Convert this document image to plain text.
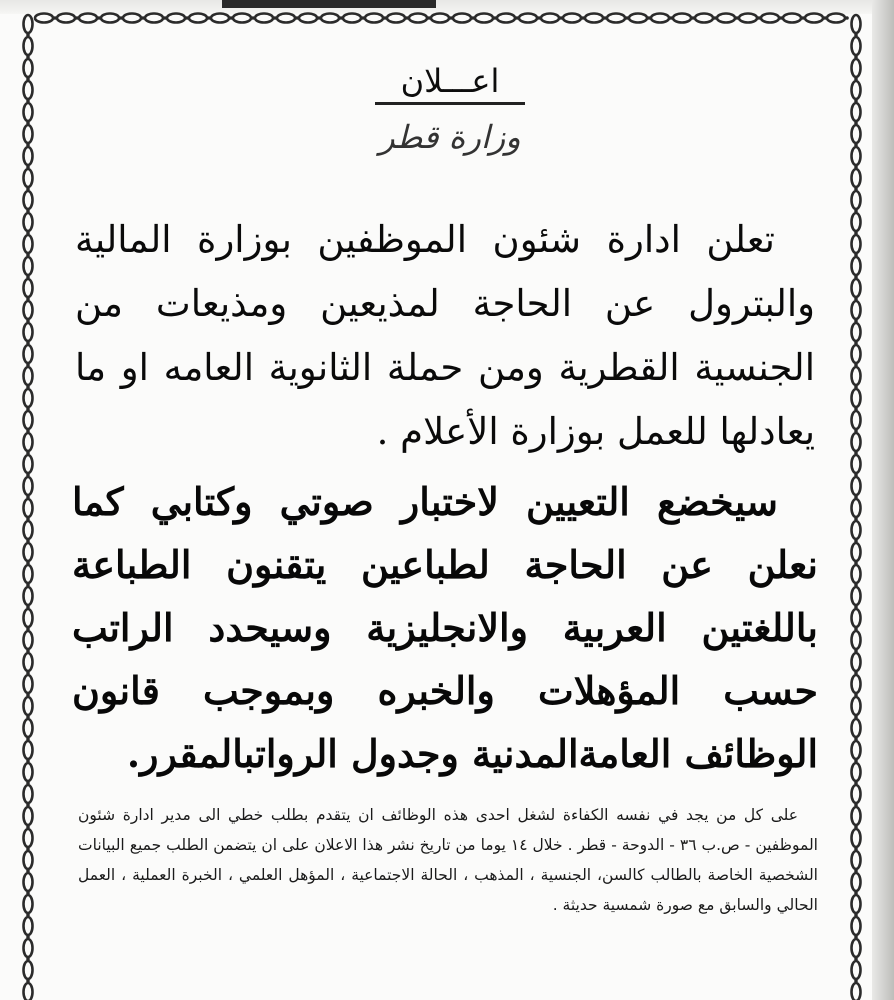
اعـــلان
وزارة قطر
تعلن ادارة شئون الموظفين بوزارة المالية والبترول عن الحاجة لمذيعين ومذيعات من الجنسية القطرية ومن حملة الثانوية العامه او ما يعادلها للعمل بوزارة الأعلام .
سيخضع التعيين لاختبار صوتي وكتابي كما نعلن عن الحاجة لطباعين يتقنون الطباعة باللغتين العربية والانجليزية وسيحدد الراتب حسب المؤهلات والخبره وبموجب قانون الوظائف العامةالمدنية وجدول الرواتبالمقرر.
على كل من يجد في نفسه الكفاءة لشغل احدى هذه الوظائف ان يتقدم بطلب خطي الى مدير ادارة شئون الموظفين - ص.ب ٣٦ - الدوحة - قطر . خلال ١٤ يوما من تاريخ نشر هذا الاعلان على ان يتضمن الطلب جميع البيانات الشخصية الخاصة بالطالب كالسن، الجنسية ، المذهب ، الحالة الاجتماعية ، المؤهل العلمي ، الخبرة العملية ، العمل الحالي والسابق مع صورة شمسية حديثة .
